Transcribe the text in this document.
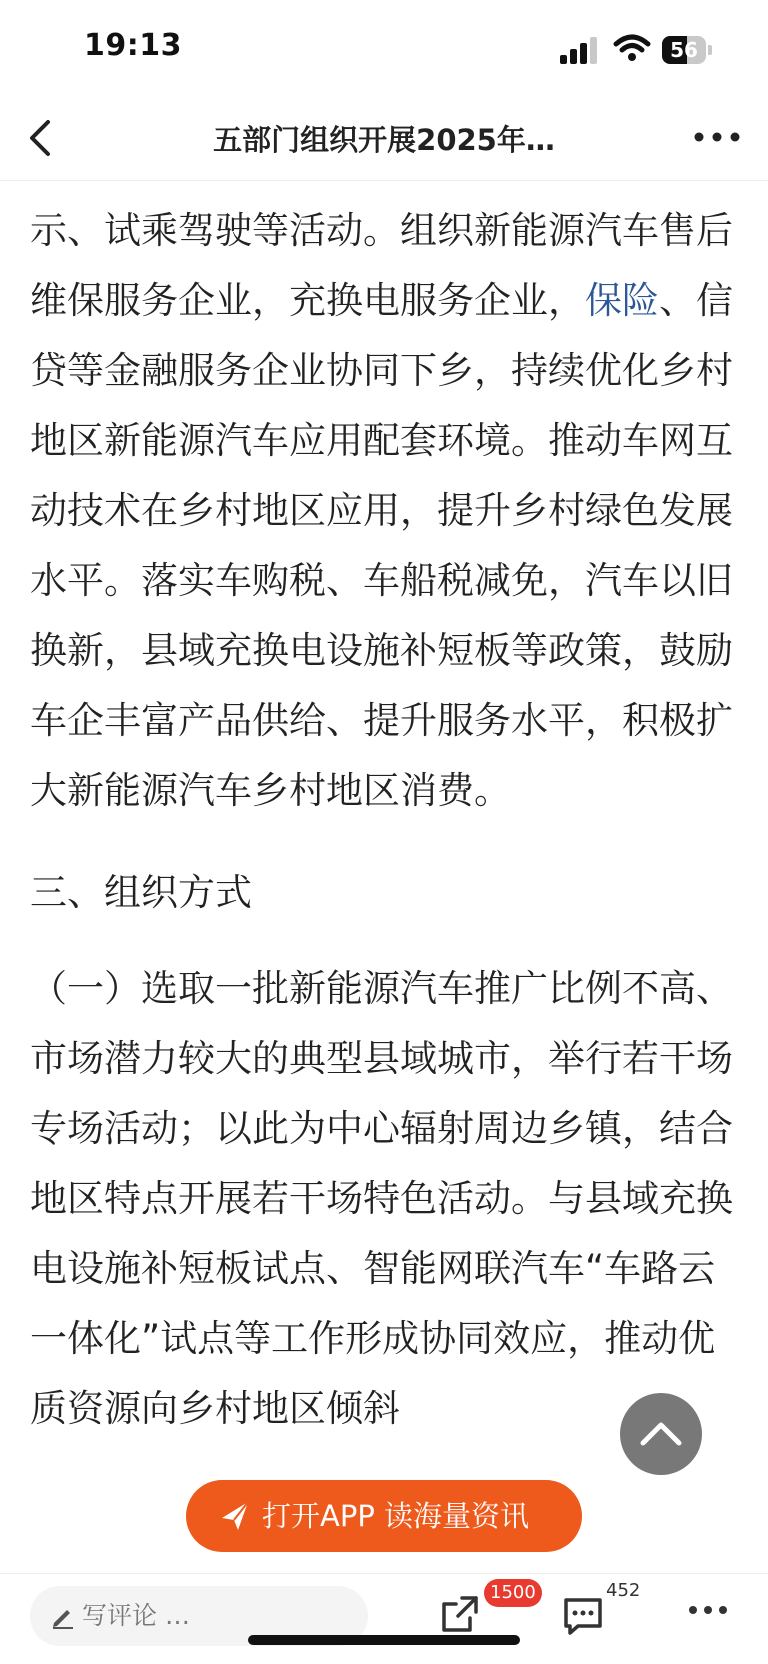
19:13	56
五部门组织开展2025年…

示、试乘驾驶等活动。组织新能源汽车售后维保服务企业，充换电服务企业，保险、信贷等金融服务企业协同下乡，持续优化乡村地区新能源汽车应用配套环境。推动车网互动技术在乡村地区应用，提升乡村绿色发展水平。落实车购税、车船税减免，汽车以旧换新，县域充换电设施补短板等政策，鼓励车企丰富产品供给、提升服务水平，积极扩大新能源汽车乡村地区消费。

三、组织方式

（一）选取一批新能源汽车推广比例不高、市场潜力较大的典型县域城市，举行若干场专场活动；以此为中心辐射周边乡镇，结合地区特点开展若干场特色活动。与县域充换电设施补短板试点、智能网联汽车“车路云一体化”试点等工作形成协同效应，推动优质资源向乡村地区倾斜

打开APP 读海量资讯
写评论 …
1500	452
